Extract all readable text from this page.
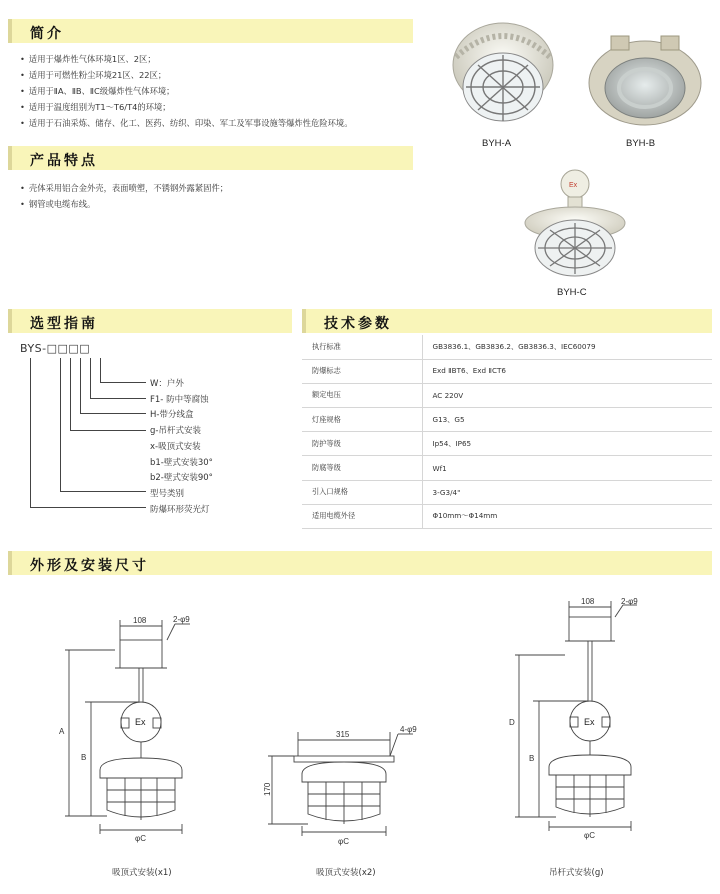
简介
• 适用于爆炸性气体环境1区、2区；
• 适用于可燃性粉尘环境21区、22区；
• 适用于ⅡA、ⅡB、ⅡC级爆炸性气体环境；
• 适用于温度组别为T1～T6/T4的环境；
• 适用于石油采炼、储存、化工、医药、纺织、印染、军工及军事设施等爆炸性危险环境。
产品特点
• 壳体采用铝合金外壳，表面喷塑，不锈钢外露紧固件；
• 钢管或电缆布线。
BYH-A	BYH-B
Ex
BYH-C
选型指南
BYS-□□□□
W：户外
F1- 防中等腐蚀
H-带分线盒
g-吊杆式安装
x-吸顶式安装
b1-壁式安装30°
b2-壁式安装90°
型号类别
防爆环形荧光灯
技术参数
执行标准	GB3836.1、GB3836.2、GB3836.3、IEC60079
防爆标志	Exd ⅡBT6、Exd ⅡCT6
额定电压	AC 220V
灯座规格	G13、G5
防护等级	Ip54、IP65
防腐等级	Wf1
引入口规格	3-G3/4"
适用电缆外径	Φ10mm～Φ14mm
外形及安装尺寸
108	2-φ9
Ex
A
B
φC
吸顶式安装(x1)
315
4-φ9
170
φC
吸顶式安装(x2)
108	2-φ9
Ex
D
B
φC
吊杆式安装(g)
